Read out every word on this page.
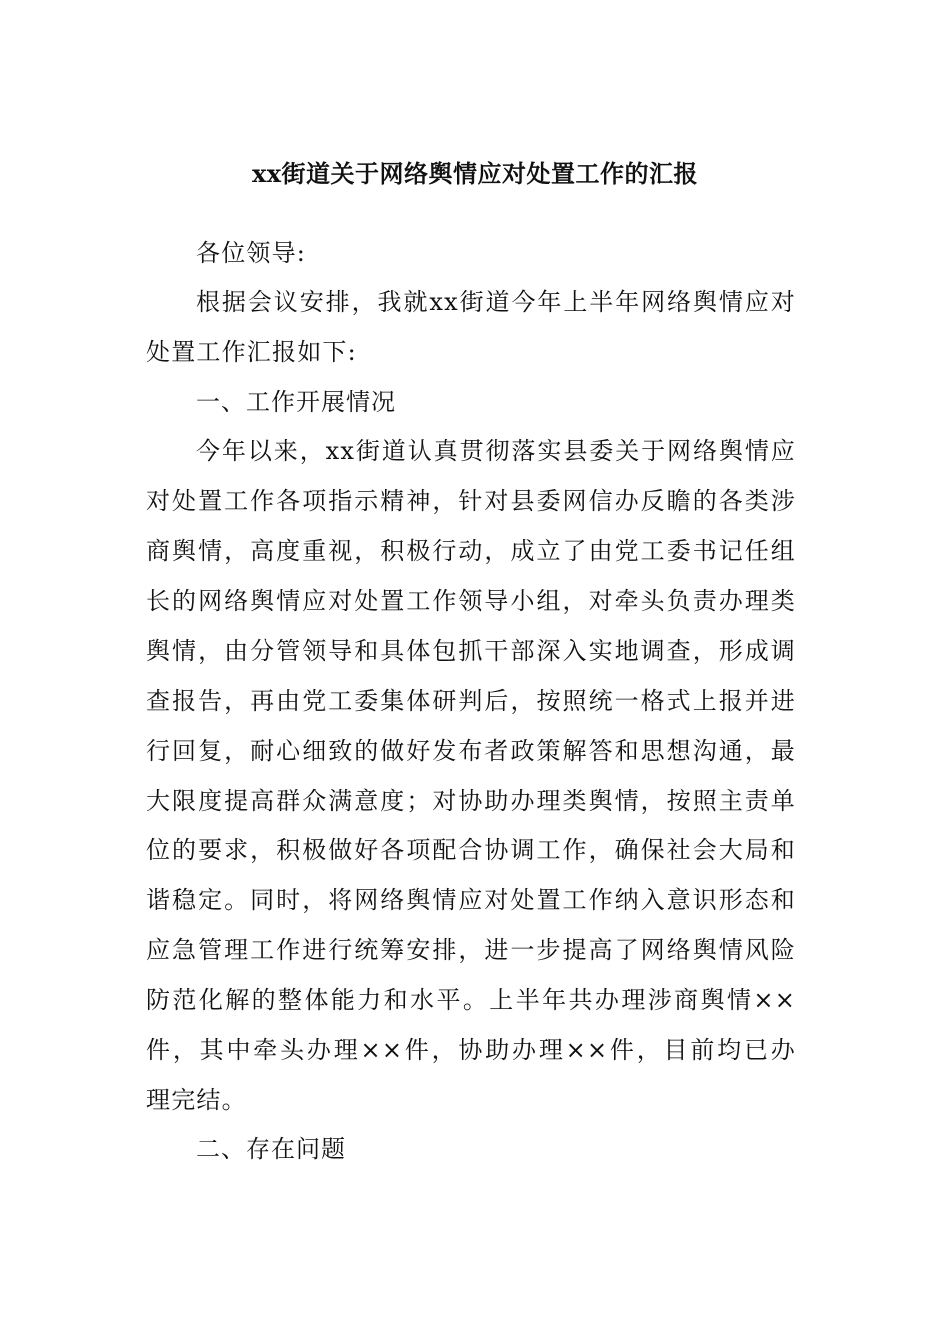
xx街道关于网络舆情应对处置工作的汇报
各位领导:
根据会议安排，我就xx街道今年上半年网络舆情应对
处置工作汇报如下:
一、工作开展情况
今年以来，xx街道认真贯彻落实县委关于网络舆情应
对处置工作各项指示精神，针对县委网信办反瞻的各类涉
商舆情，高度重视，积极行动，成立了由党工委书记任组
长的网络舆情应对处置工作领导小组，对牵头负责办理类
舆情，由分管领导和具体包抓干部深入实地调查，形成调
查报告，再由党工委集体研判后，按照统一格式上报并进
行回复，耐心细致的做好发布者政策解答和思想沟通，最
大限度提高群众满意度；对协助办理类舆情，按照主责单
位的要求，积极做好各项配合协调工作，确保社会大局和
谐稳定。同时，将网络舆情应对处置工作纳入意识形态和
应急管理工作进行统筹安排，进一步提高了网络舆情风险
防范化解的整体能力和水平。上半年共办理涉商舆情××
件，其中牵头办理××件，协助办理××件，目前均已办
理完结。
二、存在问题
